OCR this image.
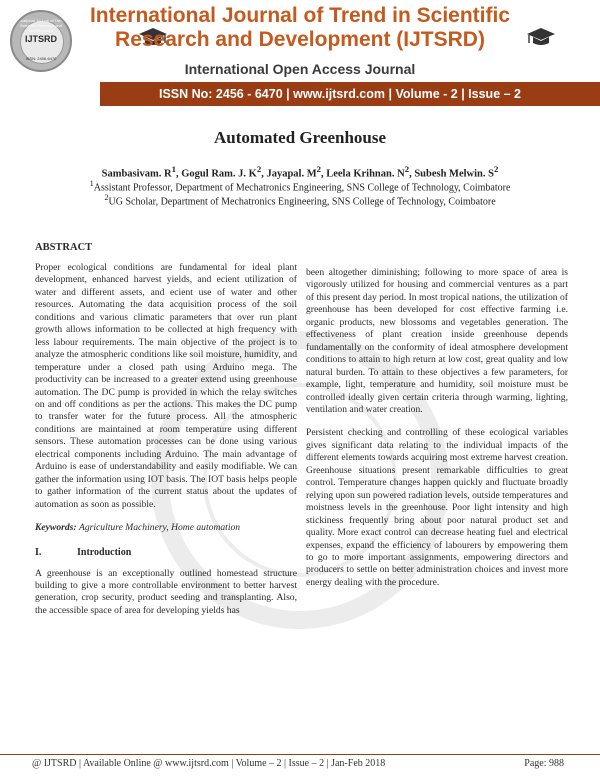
International Journal of Trend in Scientific Research and Development
IJTSRD
ISSN: 2456-6470
International Journal of Trend in Scientific
Research and Development (IJTSRD)
International Open Access Journal
ISSN No: 2456 - 6470 | www.ijtsrd.com | Volume - 2 | Issue – 2
Automated Greenhouse
Sambasivam. $R^1$, Gogul Ram. J. $K^2$, Jayapal. $M^2$, Leela Krihnan. $N^2$, Subesh Melwin. $S^2$
$^1$Assistant Professor, Department of Mechatronics Engineering, SNS College of Technology, Coimbatore
$^2$UG Scholar, Department of Mechatronics Engineering, SNS College of Technology, Coimbatore
ABSTRACT

Proper ecological conditions are fundamental for ideal plant development, enhanced harvest yields, and ecient utilization of water and different assets, and ecient use of water and other resources. Automating the data acquisition process of the soil conditions and various climatic parameters that over run plant growth allows information to be collected at high frequency with less labour requirements. The main objective of the project is to analyze the atmospheric conditions like soil moisture, humidity, and temperature under a closed path using Arduino mega. The productivity can be increased to a greater extend using greenhouse automation. The DC pump is provided in which the relay switches on and off conditions as per the actions. This makes the DC pump to transfer water for the future process. All the atmospheric conditions are maintained at room temperature using different sensors. These automation processes can be done using various electrical components including Arduino. The main advantage of Arduino is ease of understandability and easily modifiable. We can gather the information using IOT basis. The IOT basis helps people to gather information of the current status about the updates of automation as soon as possible.

Keywords: Agriculture Machinery, Home automation
I.	Introduction

A greenhouse is an exceptionally outlined homestead structure building to give a more controllable environment to better harvest generation, crop security, product seeding and transplanting. Also, the accessible space of area for developing yields has

been altogether diminishing; following to more space of area is vigorously utilized for housing and commercial ventures as a part of this present day period. In most tropical nations, the utilization of greenhouse has been developed for cost effective farming i.e. organic products, new blossoms and vegetables generation. The effectiveness of plant creation inside greenhouse depends fundamentally on the conformity of ideal atmosphere development conditions to attain to high return at low cost, great quality and low natural burden. To attain to these objectives a few parameters, for example, light, temperature and humidity, soil moisture must be controlled ideally given certain criteria through warming, lighting, ventilation and water creation.

Persistent checking and controlling of these ecological variables gives significant data relating to the individual impacts of the different elements towards acquiring most extreme harvest creation. Greenhouse situations present remarkable difficulties to great control. Temperature changes happen quickly and fluctuate broadly relying upon sun powered radiation levels, outside temperatures and moistness levels in the greenhouse. Poor light intensity and high stickiness frequently bring about poor natural product set and quality. More exact control can decrease heating fuel and electrical expenses, expand the efficiency of labourers by empowering them to go to more important assignments, empowering directors and producers to settle on better administration choices and invest more energy dealing with the procedure.

@ IJTSRD | Available Online @ www.ijtsrd.com | Volume – 2 | Issue – 2 | Jan-Feb 2018	Page: 988
